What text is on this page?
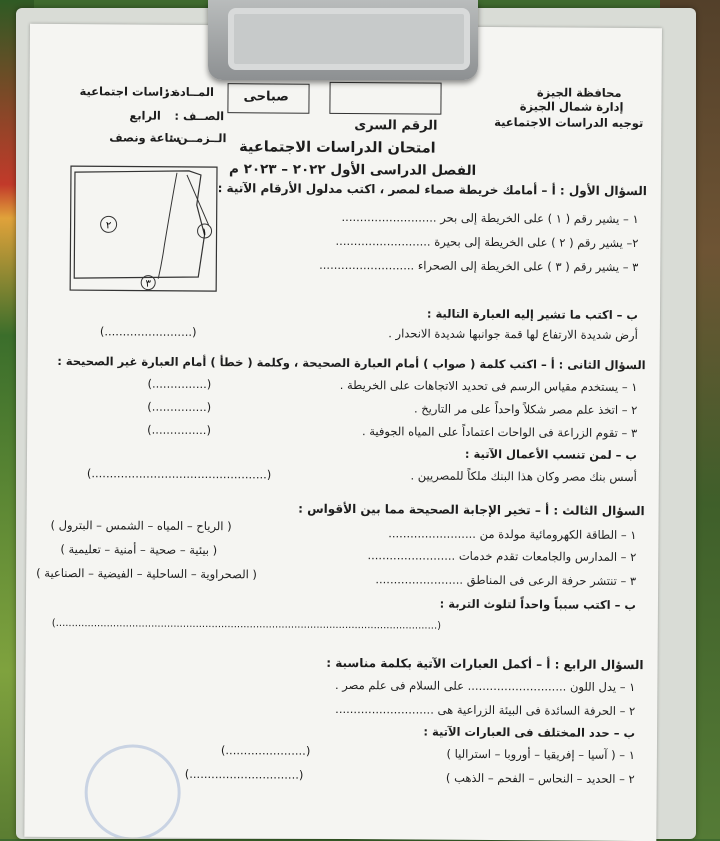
محافظة الجيزة
إدارة شمال الجيزة
توجيه الدراسات الاجتماعية
المــادة :
دراسات اجتماعية
الصــف :
الرابع
الــزمــن :
ساعة ونصف
صباحى
الرقم السرى
امتحان الدراسات الاجتماعية
الفصل الدراسى الأول ٢٠٢٢ – ٢٠٢٣ م
٢
١
٣
السؤال الأول : أ – أمامك خريطة صماء لمصر ، اكتب مدلول الأرقام الآتية :
١ – يشير رقم ( ١ ) على الخريطة إلى بحر ..........................
٢– يشير رقم ( ٢ ) على الخريطة إلى بحيرة ..........................
٣ – يشير رقم ( ٣ ) على الخريطة إلى الصحراء ..........................
ب – اكتب ما تشير إليه العبارة التالية :
أرض شديدة الارتفاع لها قمة جوانبها شديدة الانحدار .
(........................)
السؤال الثانى : أ – اكتب كلمة ( صواب ) أمام العبارة الصحيحة ، وكلمة ( خطأ ) أمام العبارة غير الصحيحة :
١ – يستخدم مقياس الرسم فى تحديد الاتجاهات على الخريطة .
(...............)
٢ – اتخذ علم مصر شكلاً واحداً على مر التاريخ .
(...............)
٣ – تقوم الزراعة فى الواحات اعتماداً على المياه الجوفية .
(...............)
ب – لمن تنسب الأعمال الآتية :
أسس بنك مصر وكان هذا البنك ملكاً للمصريين .
(................................................)
السؤال الثالث : أ – تخير الإجابة الصحيحة مما بين الأقواس :
١ – الطاقة الكهرومائية مولدة من ........................
( الرياح – المياه – الشمس – البترول )
٢ – المدارس والجامعات تقدم خدمات ........................
( بيئية – صحية – أمنية – تعليمية )
٣ – تنتشر حرفة الرعى فى المناطق ........................
( الصحراوية – الساحلية – الفيضية – الصناعية )
ب – اكتب سبباً واحداً لتلوث التربة :
(........................................................................................................................)
السؤال الرابع : أ – أكمل العبارات الآتية بكلمة مناسبة :
١ – يدل اللون ........................... على السلام فى علم مصر .
٢ – الحرفة السائدة فى البيئة الزراعية هى ...........................
ب – حدد المختلف فى العبارات الآتية :
١ – ( آسيا – إفريقيا – أوروبا – استراليا )
(......................)
٢ – الحديد – النحاس – الفحم – الذهب )
(..............................)
